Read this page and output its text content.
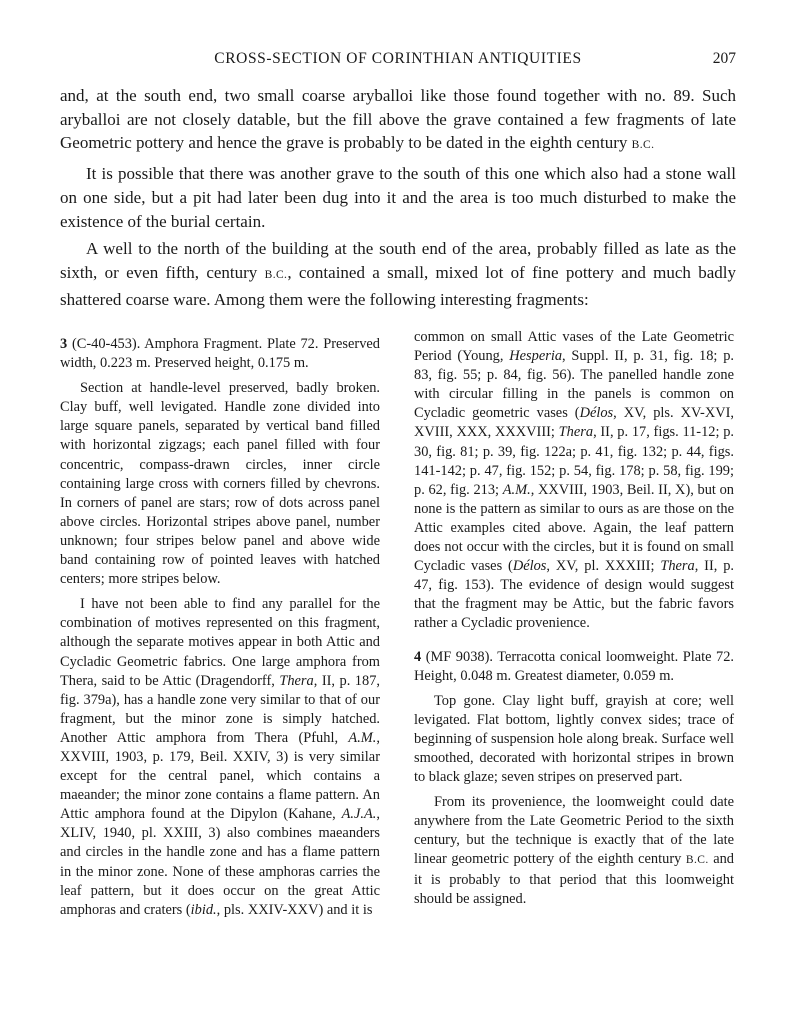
CROSS-SECTION OF CORINTHIAN ANTIQUITIES	207

and, at the south end, two small coarse aryballoi like those found together with no. 89. Such aryballoi are not closely datable, but the fill above the grave contained a few fragments of late Geometric pottery and hence the grave is probably to be dated in the eighth century B.C.

It is possible that there was another grave to the south of this one which also had a stone wall on one side, but a pit had later been dug into it and the area is too much disturbed to make the existence of the burial certain.

A well to the north of the building at the south end of the area, probably filled as late as the sixth, or even fifth, century B.C., contained a small, mixed lot of fine pottery and much badly shattered coarse ware. Among them were the following interesting fragments:

3 (C-40-453). Amphora Fragment. Plate 72. Preserved width, 0.223 m. Preserved height, 0.175 m.

Section at handle-level preserved, badly broken. Clay buff, well levigated. Handle zone divided into large square panels, separated by vertical band filled with horizontal zigzags; each panel filled with four concentric, compass-drawn circles, inner circle containing large cross with corners filled by chevrons. In corners of panel are stars; row of dots across panel above circles. Horizontal stripes above panel, number unknown; four stripes below panel and above wide band containing row of pointed leaves with hatched centers; more stripes below.

I have not been able to find any parallel for the combination of motives represented on this fragment, although the separate motives appear in both Attic and Cycladic Geometric fabrics. One large amphora from Thera, said to be Attic (Dragendorff, Thera, II, p. 187, fig. 379a), has a handle zone very similar to that of our fragment, but the minor zone is simply hatched. Another Attic amphora from Thera (Pfuhl, A.M., XXVIII, 1903, p. 179, Beil. XXIV, 3) is very similar except for the central panel, which contains a maeander; the minor zone contains a flame pattern. An Attic amphora found at the Dipylon (Kahane, A.J.A., XLIV, 1940, pl. XXIII, 3) also combines maeanders and circles in the handle zone and has a flame pattern in the minor zone. None of these amphoras carries the leaf pattern, but it does occur on the great Attic amphoras and craters (ibid., pls. XXIV-XXV) and it is

common on small Attic vases of the Late Geometric Period (Young, Hesperia, Suppl. II, p. 31, fig. 18; p. 83, fig. 55; p. 84, fig. 56). The panelled handle zone with circular filling in the panels is common on Cycladic geometric vases (Délos, XV, pls. XV-XVI, XVIII, XXX, XXXVIII; Thera, II, p. 17, figs. 11-12; p. 30, fig. 81; p. 39, fig. 122a; p. 41, fig. 132; p. 44, figs. 141-142; p. 47, fig. 152; p. 54, fig. 178; p. 58, fig. 199; p. 62, fig. 213; A.M., XXVIII, 1903, Beil. II, X), but on none is the pattern as similar to ours as are those on the Attic examples cited above. Again, the leaf pattern does not occur with the circles, but it is found on small Cycladic vases (Délos, XV, pl. XXXIII; Thera, II, p. 47, fig. 153). The evidence of design would suggest that the fragment may be Attic, but the fabric favors rather a Cycladic provenience.

4 (MF 9038). Terracotta conical loomweight. Plate 72. Height, 0.048 m. Greatest diameter, 0.059 m.

Top gone. Clay light buff, grayish at core; well levigated. Flat bottom, lightly convex sides; trace of beginning of suspension hole along break. Surface well smoothed, decorated with horizontal stripes in brown to black glaze; seven stripes on preserved part.

From its provenience, the loomweight could date anywhere from the Late Geometric Period to the sixth century, but the technique is exactly that of the late linear geometric pottery of the eighth century B.C. and it is probably to that period that this loomweight should be assigned.
